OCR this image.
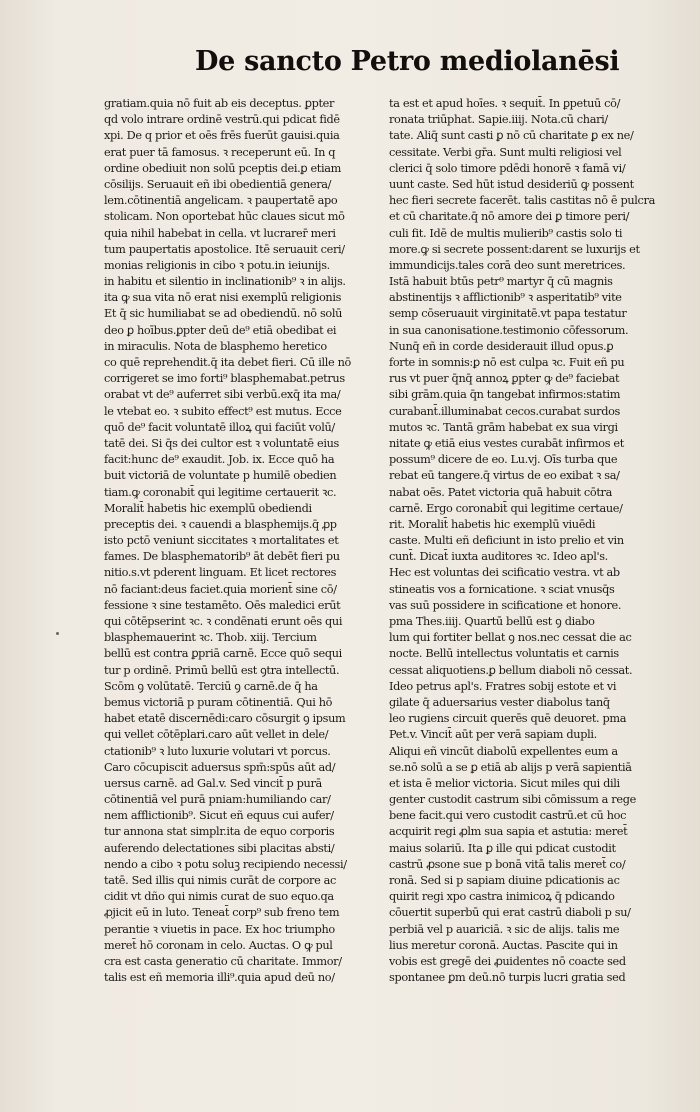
De sancto Petro mediolanēsi
gratiam.quia nō fuit ab eis deceptus. ꝑpter
qd volo intrare ordinē vestrū.qui pdicat fidē
xpi. De q prior et oēs frēs fuerūt gauisi.quia
erat puer tā famosus. ꝛ receperunt eū. In q
ordine obediuit non solū pceptis dei.ꝑ etiam
cōsilijs. Seruauit eñ ibi obedientiā genera/
lem.cōtinentiā angelicam. ꝛ paupertatē apo
stolicam. Non oportebat hūc claues sicut mō
quia nihil habebat in cella. vt lucrarer̄ meri
tum paupertatis apostolice. Itē seruauit ceri/
monias religionis in cibo ꝛ potu.in ieiunijs.
in habitu et silentio in inclinationib⁹ ꝛ in alijs.
ita ꝙ sua vita nō erat nisi exemplū religionis
Et q̄ sic humiliabat se ad obediendū. nō solū
deo ꝑ hoībus.ꝑpter deū de⁹ etiā obedibat ei
in miraculis. Nota de blasphemo heretico
co quē reprehendit.q̄ ita debet fieri. Cū ille nō
corrigeret se imo forti⁹ blasphemabat.petrus
orabat vt de⁹ auferret sibi verbū.exq̄ ita ma/
le vtebat eo. ꝛ subito effect⁹ est mutus. Ecce
quō de⁹ facit voluntatē illoꝝ qui faciūt volū/
tatē dei. Si q̄s dei cultor est ꝛ voluntatē eius
facit:hunc de⁹ exaudit. Job. ix. Ecce quō ha
buit victoriā de voluntate p humilē obedien
tiam.ꝙ coronabit̄ qui legitime certauerit ꝛc.
Moralit̄ habetis hic exemplū obediendi
preceptis dei. ꝛ cauendi a blasphemijs.q̄ ꝓp
isto pctō veniunt siccitates ꝛ mortalitates et
fames. De blasphematorib⁹ āt debēt fieri pu
nitio.s.vt pderent linguam. Et licet rectores
nō faciant:deus faciet.quia morient̄ sine cō/
fessione ꝛ sine testamēto. Oēs maledici erūt
qui cōtēpserint ꝛc. ꝛ condēnati erunt oēs qui
blasphemauerint ꝛc. Thob. xiij. Tercium
bellū est contra ꝑpriā carnē. Ecce quō sequi
tur p ordinē. Primū bellū est ꝯtra intellectū.
Scōm ꝯ volūtatē. Terciū ꝯ carnē.de q̄ ha
bemus victoriā p puram cōtinentiā. Qui hō
habet etatē discernēdi:caro cōsurgit ꝯ ipsum
qui vellet cōtēplari.caro aūt vellet in dele/
ctationib⁹ ꝛ luto luxurie volutari vt porcus.
Caro cōcupiscit aduersus spm̄:spūs aūt ad/
uersus carnē. ad Gal.v. Sed vincit̄ p purā
cōtinentiā vel purā pniam:humiliando car/
nem afflictionib⁹. Sicut eñ equus cui aufer/
tur annona stat simplr.ita de equo corporis
auferendo delectationes sibi placitas absti/
nendo a cibo ꝛ potu soluꝫ recipiendo necessi/
tatē. Sed illis qui nimis curāt de corpore ac
cidit vt dño qui nimis curat de suo equo.qa
ꝓjicit eū in luto. Teneat̄ corp⁹ sub freno tem
perantie ꝛ viuetis in pace. Ex hoc triumpho
meret̄ hō coronam in celo. Auctas. O ꝙ pul
cra est casta generatio cū charitate. Immor/
talis est eñ memoria illi⁹.quia apud deū no/
ta est et apud hoīes. ꝛ sequit̄. In ꝑpetuū cō/
ronata triūphat. Sapie.iiij. Nota.cū chari/
tate. Aliq̄ sunt casti ꝑ nō cū charitate ꝑ ex ne/
cessitate. Verbi gr̄a. Sunt multi religiosi vel
clerici q̄ solo timore pdēdi honorē ꝛ famā vi/
uunt caste. Sed hūt istud desideriū ꝙ possent
hec fieri secrete facerēt. talis castitas nō ē pulcra
et cū charitate.q̄ nō amore dei ꝑ timore peri/
culi fit. Idē de multis mulierib⁹ castis solo ti
more.ꝙ si secrete possent:darent se luxurijs et
immundicijs.tales corā deo sunt meretrices.
Istā habuit btūs petr⁹ martyr q̄ cū magnis
abstinentijs ꝛ afflictionib⁹ ꝛ asperitatib⁹ vite
semp cōseruauit virginitatē.vt papa testatur
in sua canonisatione.testimonio cōfessorum.
Nunq̄ eñ in corde desiderauit illud opus.ꝑ
forte in somnis:ꝑ nō est culpa ꝛc. Fuit eñ pu
rus vt puer q̄nq̄ annoꝝ ꝑpter ꝙ de⁹ faciebat
sibi grām.quia q̄n tangebat infirmos:statim
curabant̄.illuminabat cecos.curabat surdos
mutos ꝛc. Tantā grām habebat ex sua virgi
nitate ꝙ etiā eius vestes curabāt infirmos et
possum⁹ dicere de eo. Lu.vj. Oīs turba que
rebat eū tangere.q̄ virtus de eo exibat ꝛ sa/
nabat oēs. Patet victoria quā habuit cōtra
carnē. Ergo coronabit̄ qui legitime certaue/
rit. Moralit̄ habetis hic exemplū viuēdi
caste. Multi eñ deficiunt in isto prelio et vin
cunt̄. Dicat̄ iuxta auditores ꝛc. Ideo apl's.
Hec est voluntas dei scificatio vestra. vt ab
stineatis vos a fornicatione. ꝛ sciat vnusq̄s
vas suū possidere in scificatione et honore.
pma Thes.iiij. Quartū bellū est ꝯ diabo
lum qui fortiter bellat ꝯ nos.nec cessat die ac
nocte. Bellū intellectus voluntatis et carnis
cessat aliquotiens.ꝑ bellum diaboli nō cessat.
Ideo petrus apl's. Fratres sobij estote et vi
gilate q̄ aduersarius vester diabolus tanq̄
leo rugiens circuit querēs quē deuoret. pma
Pet.v. Vincit̄ aūt per verā sapiam dupli.
Aliqui eñ vincūt diabolū expellentes eum a
se.nō solū a se ꝑ etiā ab alijs p verā sapientiā
et ista ē melior victoria. Sicut miles qui dili
genter custodit castrum sibi cōmissum a rege
bene facit.qui vero custodit castrū.et cū hoc
acquirit regi ꝓlm sua sapia et astutia: meret̄
maius solariū. Ita ꝑ ille qui pdicat custodit
castrū ꝓsone sue p bonā vitā talis meret̄ co/
ronā. Sed si p sapiam diuine pdicationis ac
quirit regi xpo castra inimicoꝝ q̄ pdicando
cōuertit superbū qui erat castrū diaboli p su/
perbiā vel p auariciā. ꝛ sic de alijs. talis me
lius meretur coronā. Auctas. Pascite qui in
vobis est gregē dei ꝓuidentes nō coacte sed
spontanee ꝑm deū.nō turpis lucri gratia sed
